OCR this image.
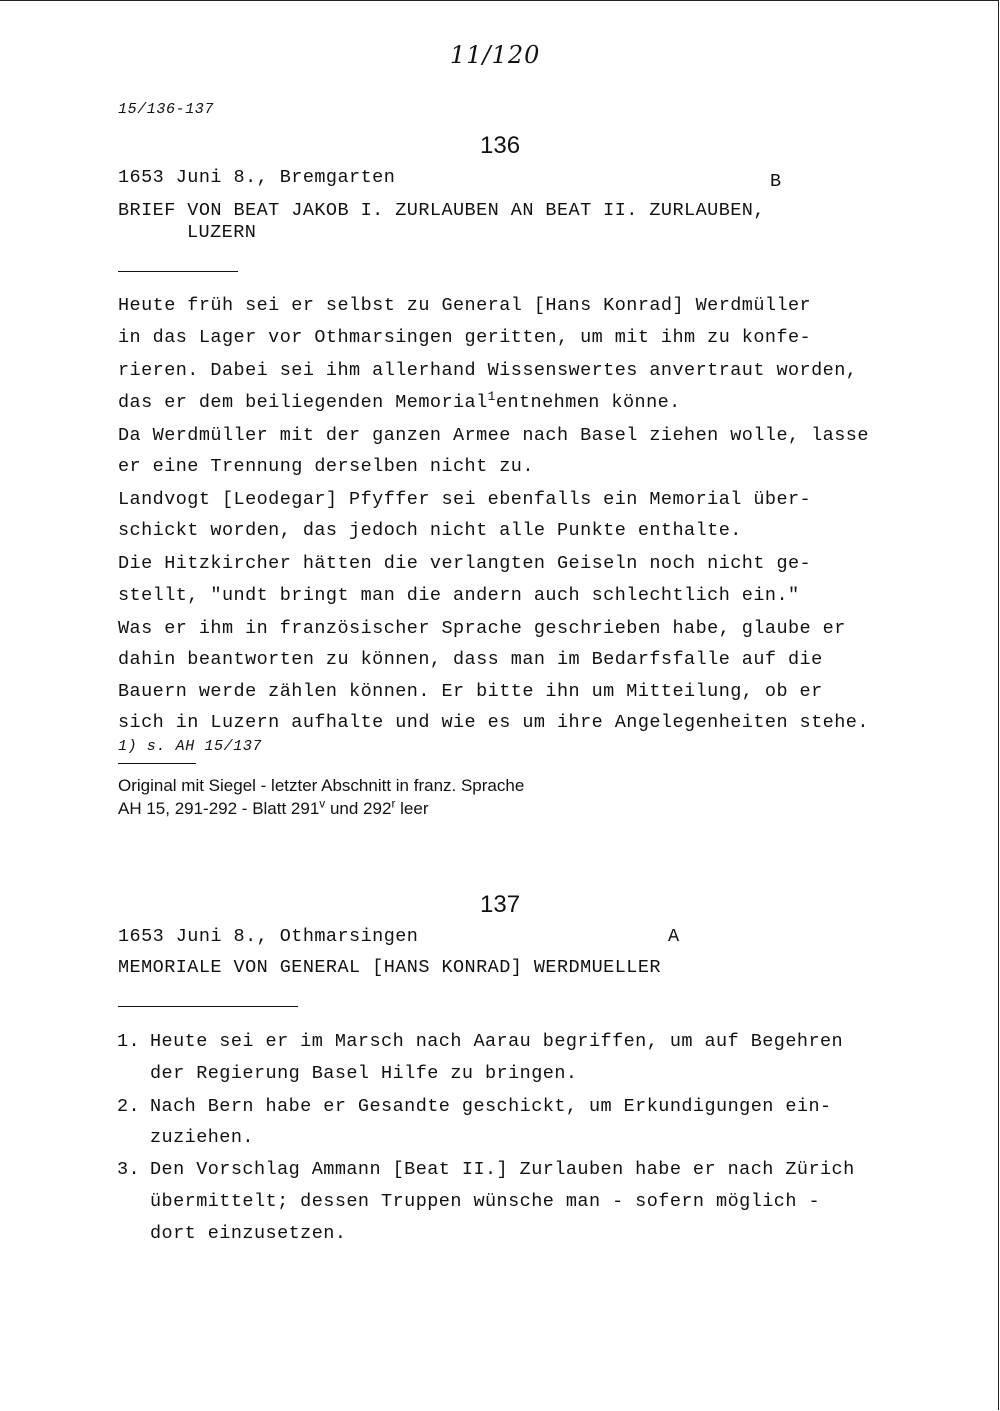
11/120
15/136-137
136
1653 Juni 8., Bremgarten	B
BRIEF VON BEAT JAKOB I. ZURLAUBEN AN BEAT II. ZURLAUBEN,
LUZERN
Heute früh sei er selbst zu General [Hans Konrad] Werdmüller
in das Lager vor Othmarsingen geritten, um mit ihm zu konfe-
rieren. Dabei sei ihm allerhand Wissenswertes anvertraut worden,
das er dem beiliegenden Memorial$^1$entnehmen könne.
Da Werdmüller mit der ganzen Armee nach Basel ziehen wolle, lasse
er eine Trennung derselben nicht zu.
Landvogt [Leodegar] Pfyffer sei ebenfalls ein Memorial über-
schickt worden, das jedoch nicht alle Punkte enthalte.
Die Hitzkircher hätten die verlangten Geiseln noch nicht ge-
stellt, "undt bringt man die andern auch schlechtlich ein."
Was er ihm in französischer Sprache geschrieben habe, glaube er
dahin beantworten zu können, dass man im Bedarfsfalle auf die
Bauern werde zählen können. Er bitte ihn um Mitteilung, ob er
sich in Luzern aufhalte und wie es um ihre Angelegenheiten stehe.
1) s. AH 15/137
Original mit Siegel - letzter Abschnitt in franz. Sprache
AH 15, 291-292 - Blatt 291$^v$ und 292$^r$ leer
137
1653 Juni 8., Othmarsingen	A
MEMORIALE VON GENERAL [HANS KONRAD] WERDMUELLER
1. Heute sei er im Marsch nach Aarau begriffen, um auf Begehren
der Regierung Basel Hilfe zu bringen.
2. Nach Bern habe er Gesandte geschickt, um Erkundigungen ein-
zuziehen.
3. Den Vorschlag Ammann [Beat II.] Zurlauben habe er nach Zürich
übermittelt; dessen Truppen wünsche man - sofern möglich -
dort einzusetzen.
